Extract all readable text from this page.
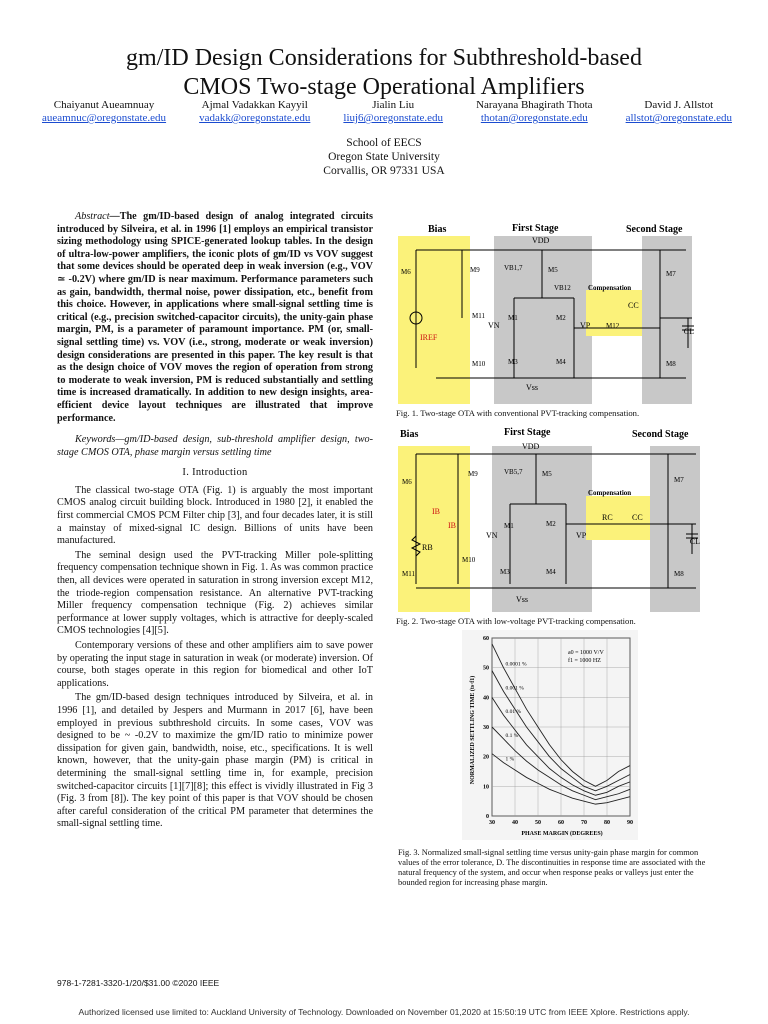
gm/ID Design Considerations for Subthreshold-based
CMOS Two-stage Operational Amplifiers
Chaiyanut Aueamnuay
aueamnuc@oregonstate.edu
Ajmal Vadakkan Kayyil
vadakk@oregonstate.edu
Jialin Liu
liuj6@oregonstate.edu
Narayana Bhagirath Thota
thotan@oregonstate.edu
David J. Allstot
allstot@oregonstate.edu
School of EECS
Oregon State University
Corvallis, OR 97331 USA

Abstract—The gm/ID-based design of analog integrated circuits introduced by Silveira, et al. in 1996 [1] employs an empirical transistor sizing methodology using SPICE-generated lookup tables. In the design of ultra-low-power amplifiers, the iconic plots of gm/ID vs VOV suggest that some devices should be operated deep in weak inversion (e.g., VOV ≃ -0.2V) where gm/ID is near maximum. Performance parameters such as gain, bandwidth, thermal noise, power dissipation, etc., benefit from this choice. However, in applications where small-signal settling time is critical (e.g., precision switched-capacitor circuits), the unity-gain phase margin, PM, is a parameter of paramount importance. PM (or, small-signal settling time) vs. VOV (i.e., strong, moderate or weak inversion) design considerations are presented in this paper. The key result is that as the design choice of VOV moves the region of operation from strong to moderate to weak inversion, PM is reduced substantially and settling time is increased dramatically. In addition to new design insights, area-efficient device layout techniques are illustrated that improve performance.

Keywords—gm/ID-based design, sub-threshold amplifier design, two-stage CMOS OTA, phase margin versus settling time

I. Introduction

The classical two-stage OTA (Fig. 1) is arguably the most important CMOS analog circuit building block. Introduced in 1980 [2], it enabled the first commercial CMOS PCM Filter chip [3], and four decades later, it is still a mainstay of mixed-signal IC design. Billions of units have been manufactured.

The seminal design used the PVT-tracking Miller pole-splitting frequency compensation technique shown in Fig. 1. As was common practice then, all devices were operated in saturation in strong inversion except M12, the triode-region compensation resistance. An alternative PVT-tracking Miller frequency compensation technique (Fig. 2) achieves similar performance at lower supply voltages, which is attractive for deeply-scaled CMOS technologies [4][5].

Contemporary versions of these and other amplifiers aim to save power by operating the input stage in saturation in weak (or moderate) inversion. Of course, both stages operate in this region for biomedical and other IoT applications.

The gm/ID-based design techniques introduced by Silveira, et al. in 1996 [1], and detailed by Jespers and Murmann in 2017 [6], have been employed in previous subthreshold circuits. In some cases, VOV was designed to be ~ -0.2V to maximize the gm/ID ratio to minimize power dissipation for given gain, bandwidth, noise, etc., specifications. It is well known, however, that the unity-gain phase margin (PM) is critical in determining the small-signal settling time in, for example, precision switched-capacitor circuits [1][7][8]; this effect is vividly illustrated in Fig 3 (Fig. 3 from [8]). The key point of this paper is that VOV should be chosen after careful consideration of the critical PM parameter that determines the small-signal settling time.

Bias	First Stage	Second Stage
Compensation
VDD
Vss
IREF
CL
CC
VN	VP
VB1,7
VB12
M6	M9	M5
M11
M10
M1	M2
M3	M4
M7
M8
M12
Fig. 1. Two-stage OTA with conventional PVT-tracking compensation.
Bias	First Stage	Second Stage
Compensation
VDD
Vss
IB
IB
RB
RC CC
CL
VN	VP
VB5,7
M6
M9	M5
M10
M11
M1	M2
M3	M4
M7
M8
Fig. 2. Two-stage OTA with low-voltage PVT-tracking compensation.
0.0001 %
0.001 %
0.01 %
0.1 %
1 %
30	40	50	60	70	80	90
0
10
20
30
40
50
60
PHASE MARGIN (DEGREES)
NORMALIZED SETTLING TIME (ts·f1)
a0 = 1000 V/V
f1 = 1000 HZ
Fig. 3. Normalized small-signal settling time versus unity-gain phase margin for common values of the error tolerance, D. The discontinuities in response time are associated with the natural frequency of the system, and occur when response peaks or valleys just enter the bounded region for increasing phase margin.
978-1-7281-3320-1/20/$31.00 ©2020 IEEE
Authorized licensed use limited to: Auckland University of Technology. Downloaded on November 01,2020 at 15:50:19 UTC from IEEE Xplore. Restrictions apply.
